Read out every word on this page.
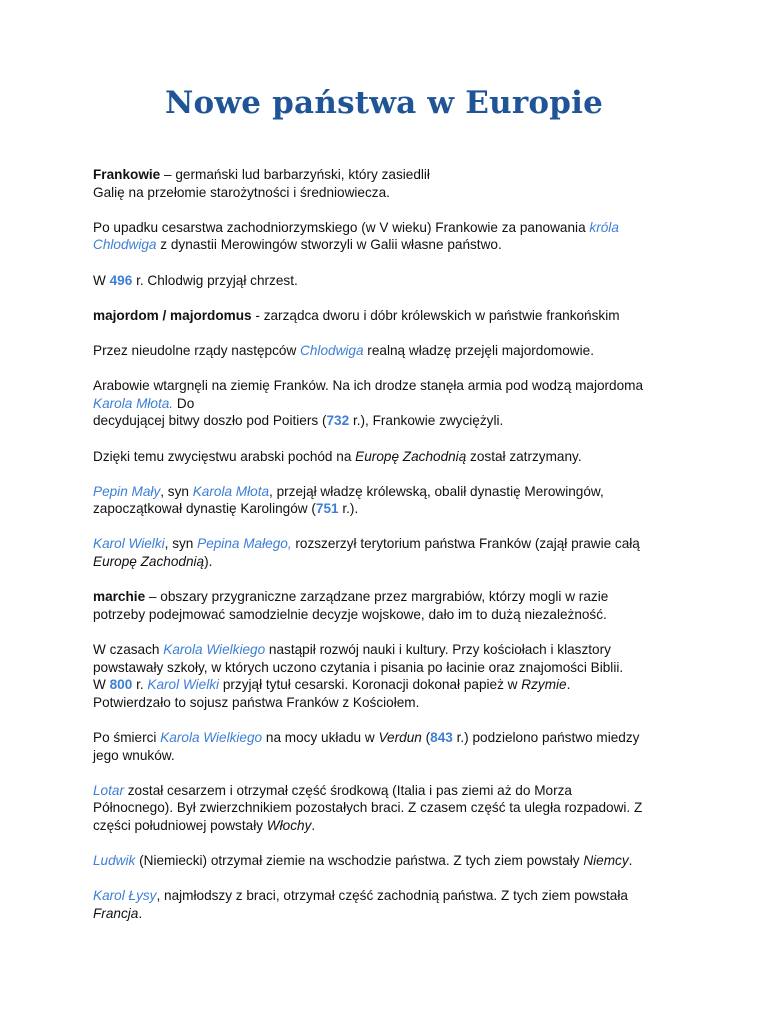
Nowe państwa w Europie

Frankowie – germański lud barbarzyński, który zasiedlił
Galię na przełomie starożytności i średniowiecza.

Po upadku cesarstwa zachodniorzymskiego (w V wieku) Frankowie za panowania króla
Chlodwiga z dynastii Merowingów stworzyli w Galii własne państwo.

W 496 r. Chlodwig przyjął chrzest.

majordom / majordomus - zarządca dworu i dóbr królewskich w państwie frankońskim

Przez nieudolne rządy następców Chlodwiga realną władzę przejęli majordomowie.

Arabowie wtargnęli na ziemię Franków. Na ich drodze stanęła armia pod wodzą majordoma
Karola Młota. Do
decydującej bitwy doszło pod Poitiers (732 r.), Frankowie zwyciężyli.

Dzięki temu zwycięstwu arabski pochód na Europę Zachodnią został zatrzymany.

Pepin Mały, syn Karola Młota, przejął władzę królewską, obalił dynastię Merowingów,
zapoczątkował dynastię Karolingów (751 r.).

Karol Wielki, syn Pepina Małego, rozszerzył terytorium państwa Franków (zajął prawie całą
Europę Zachodnią).

marchie – obszary przygraniczne zarządzane przez margrabiów, którzy mogli w razie
potrzeby podejmować samodzielnie decyzje wojskowe, dało im to dużą niezależność.

W czasach Karola Wielkiego nastąpił rozwój nauki i kultury. Przy kościołach i klasztory
powstawały szkoły, w których uczono czytania i pisania po łacinie oraz znajomości Biblii.
W 800 r. Karol Wielki przyjął tytuł cesarski. Koronacji dokonał papież w Rzymie.
Potwierdzało to sojusz państwa Franków z Kościołem.

Po śmierci Karola Wielkiego na mocy układu w Verdun (843 r.) podzielono państwo miedzy
jego wnuków.

Lotar został cesarzem i otrzymał część środkową (Italia i pas ziemi aż do Morza
Północnego). Był zwierzchnikiem pozostałych braci. Z czasem część ta uległa rozpadowi. Z
części południowej powstały Włochy.

Ludwik (Niemiecki) otrzymał ziemie na wschodzie państwa. Z tych ziem powstały Niemcy.

Karol Łysy, najmłodszy z braci, otrzymał część zachodnią państwa. Z tych ziem powstała
Francja.
